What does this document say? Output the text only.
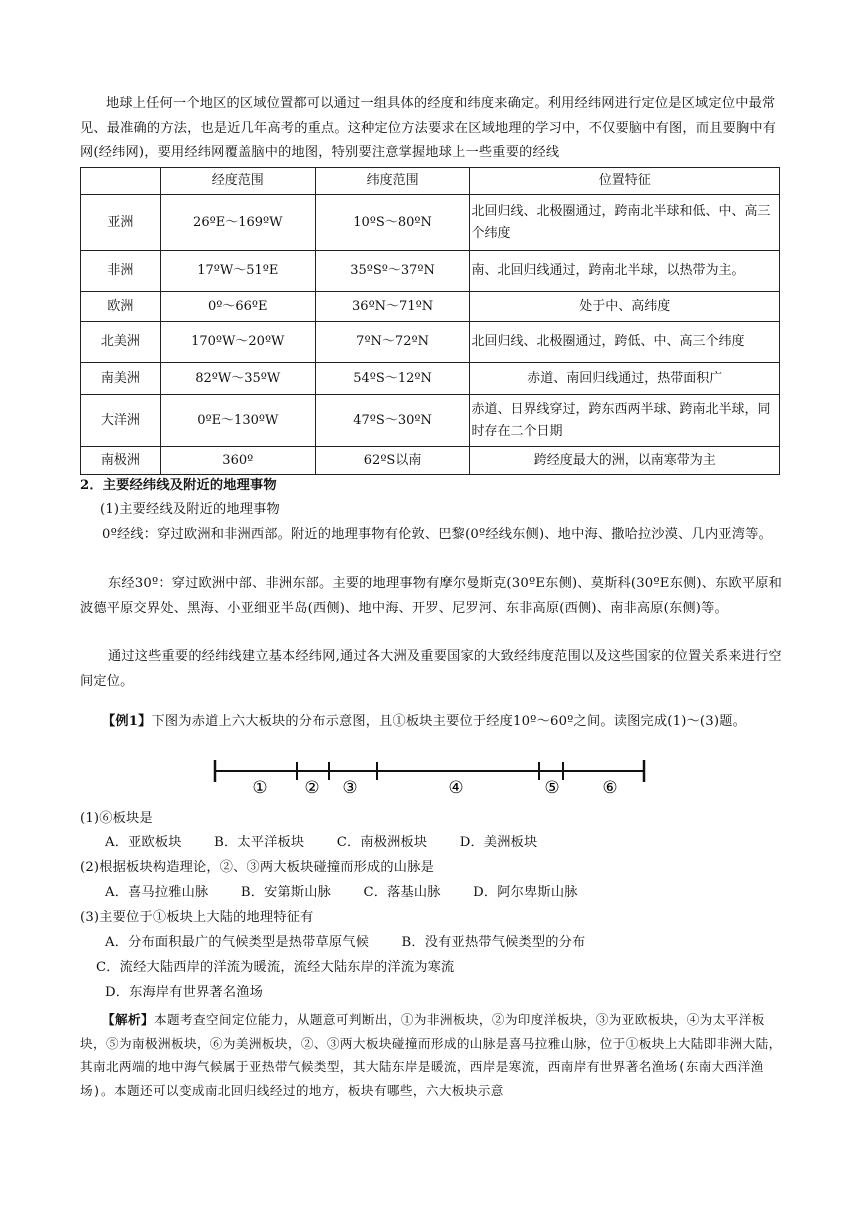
地球上任何一个地区的区域位置都可以通过一组具体的经度和纬度来确定。利用经纬网进行定位是区域定位中最常见、最准确的方法，也是近几年高考的重点。这种定位方法要求在区域地理的学习中，不仅要脑中有图，而且要胸中有网(经纬网)，要用经纬网覆盖脑中的地图，特别要注意掌握地球上一些重要的经线
	经度范围	纬度范围	位置特征
亚洲	26ºE～169ºW	10ºS～80ºN	北回归线、北极圈通过，跨南北半球和低、中、高三个纬度
非洲	17ºW～51ºE	35ºSº～37ºN	南、北回归线通过，跨南北半球，以热带为主。
欧洲	0º～66ºE	36ºN～71ºN	处于中、高纬度
北美洲	170ºW～20ºW	7ºN～72ºN	北回归线、北极圈通过，跨低、中、高三个纬度
南美洲	82ºW～35ºW	54ºS～12ºN	赤道、南回归线通过，热带面积广
大洋洲	0ºE～130ºW	47ºS～30ºN	赤道、日界线穿过，跨东西两半球、跨南北半球，同时存在二个日期
南极洲	360º	62ºS以南	跨经度最大的洲，以南寒带为主
2．主要经纬线及附近的地理事物
(1)主要经线及附近的地理事物
0º经线：穿过欧洲和非洲西部。附近的地理事物有伦敦、巴黎(0º经线东侧)、地中海、撒哈拉沙漠、几内亚湾等。
东经30º：穿过欧洲中部、非洲东部。主要的地理事物有摩尔曼斯克(30ºE东侧)、莫斯科(30ºE东侧)、东欧平原和波德平原交界处、黑海、小亚细亚半岛(西侧)、地中海、开罗、尼罗河、东非高原(西侧)、南非高原(东侧)等。
通过这些重要的经纬线建立基本经纬网,通过各大洲及重要国家的大致经纬度范围以及这些国家的位置关系来进行空间定位。
【例1】下图为赤道上六大板块的分布示意图，且①板块主要位于经度10º～60º之间。读图完成(1)～(3)题。
① ② ③	④	⑤	⑥
(1)⑥板块是
A．亚欧板块 B．太平洋板块 C．南极洲板块 D．美洲板块
(2)根据板块构造理论，②、③两大板块碰撞而形成的山脉是
A．喜马拉雅山脉 B．安第斯山脉 C．落基山脉 D．阿尔卑斯山脉
(3)主要位于①板块上大陆的地理特征有
A．分布面积最广的气候类型是热带草原气候 B．没有亚热带气候类型的分布
C．流经大陆西岸的洋流为暖流，流经大陆东岸的洋流为寒流
D．东海岸有世界著名渔场
【解析】本题考查空间定位能力，从题意可判断出，①为非洲板块，②为印度洋板块，③为亚欧板块，④为太平洋板块，⑤为南极洲板块，⑥为美洲板块，②、③两大板块碰撞而形成的山脉是喜马拉雅山脉，位于①板块上大陆即非洲大陆，其南北两端的地中海气候属于亚热带气候类型，其大陆东岸是暖流，西岸是寒流，西南岸有世界著名渔场(东南大西洋渔场)。本题还可以变成南北回归线经过的地方，板块有哪些，六大板块示意
